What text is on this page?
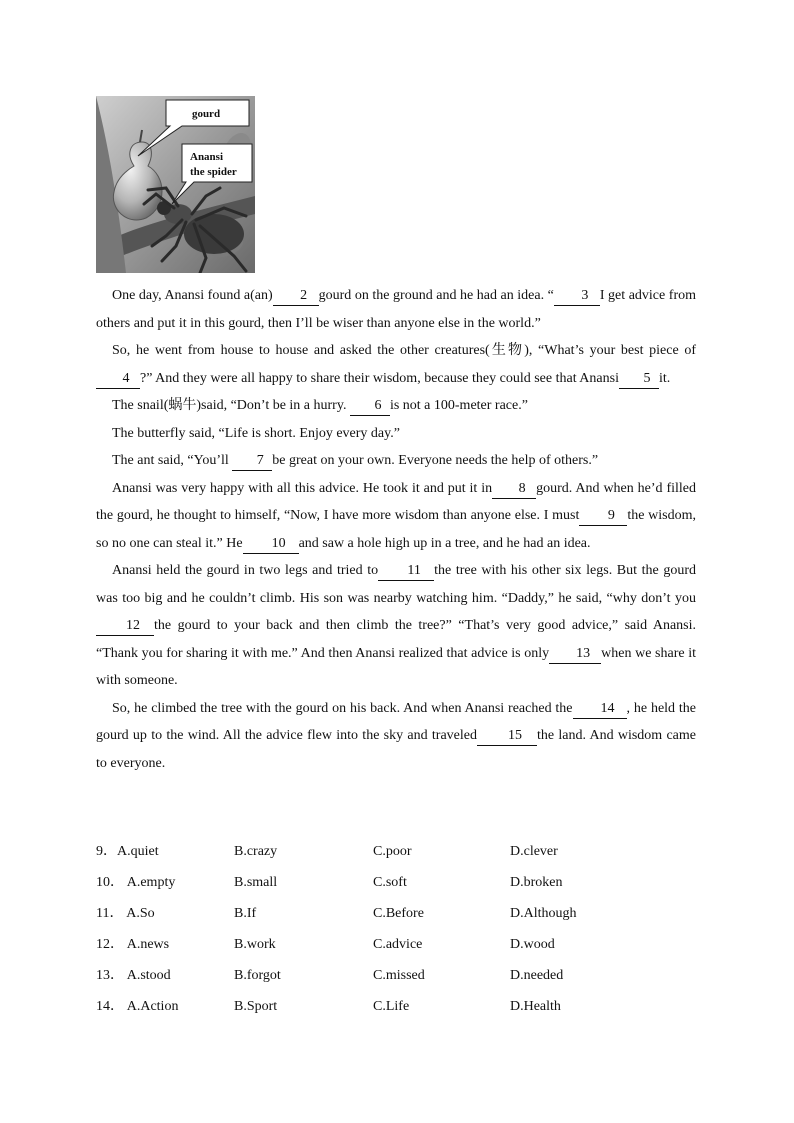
gourd
Anansi
the spider

One day, Anansi found a(an) 2 gourd on the ground and he had an idea. “ 3 I get advice from others and put it in this gourd, then I’ll be wiser than anyone else in the world.”

So, he went from house to house and asked the other creatures(生物), “What’s your best piece of4 ?” And they were all happy to share their wisdom, because they could see that Anansi 5 it.

The snail(蜗牛)said, “Don’t be in a hurry. 6 is not a 100-meter race.”

The butterfly said, “Life is short. Enjoy every day.”

The ant said, “You’ll 7 be great on your own. Everyone needs the help of others.”

Anansi was very happy with all this advice. He took it and put it in 8 gourd. And when he’d filled the gourd, he thought to himself, “Now, I have more wisdom than anyone else. I must 9 the wisdom, so no one can steal it.” He 10 and saw a hole high up in a tree, and he had an idea.

Anansi held the gourd in two legs and tried to 11 the tree with his other six legs. But the gourd was too big and he couldn’t climb. His son was nearby watching him. “Daddy,” he said, “why don’t you12 the gourd to your back and then climb the tree?” “That’s very good advice,” said Anansi. “Thank you for sharing it with me.” And then Anansi realized that advice is only 13 when we share it with someone.

So, he climbed the tree with the gourd on his back. And when Anansi reached the 14 , he held the gourd up to the wind. All the advice flew into the sky and traveled 15 the land. And wisdom came to everyone.

9．A.quiet	B.crazy	C.poor	D.clever
10． A.empty	B.small	C.soft	D.broken
11． A.So	B.If	C.Before	D.Although
12． A.news	B.work	C.advice	D.wood
13． A.stood	B.forgot	C.missed	D.needed
14． A.Action	B.Sport	C.Life	D.Health
